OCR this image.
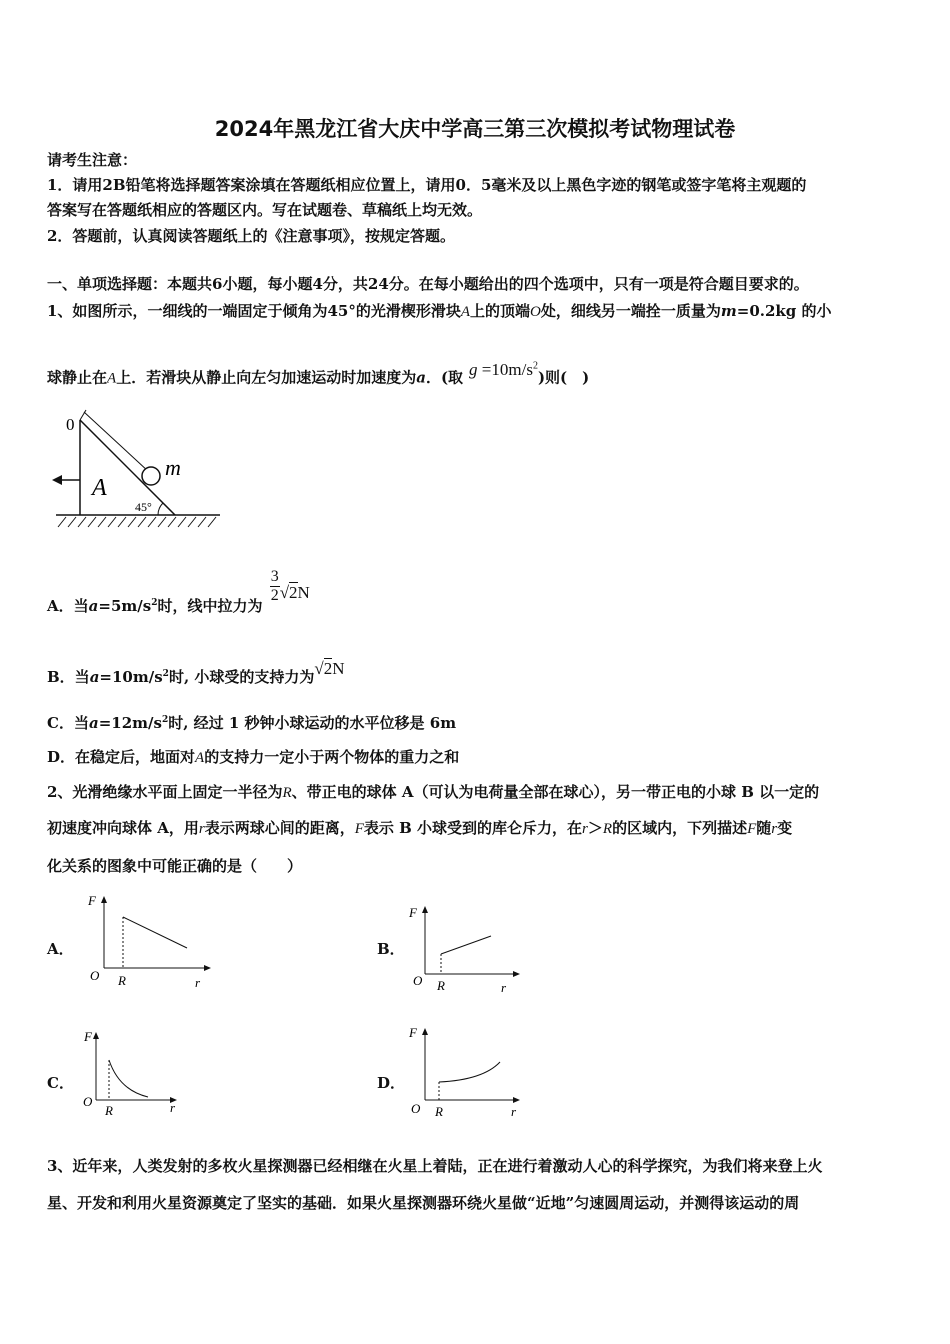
2024年黑龙江省大庆中学高三第三次模拟考试物理试卷
请考生注意：
1．请用2B铅笔将选择题答案涂填在答题纸相应位置上，请用0．5毫米及以上黑色字迹的钢笔或签字笔将主观题的
答案写在答题纸相应的答题区内。写在试题卷、草稿纸上均无效。
2．答题前，认真阅读答题纸上的《注意事项》，按规定答题。
一、单项选择题：本题共6小题，每小题4分，共24分。在每小题给出的四个选项中，只有一项是符合题目要求的。
1、如图所示，一细线的一端固定于倾角为45°的光滑楔形滑块A上的顶端O处，细线另一端拴一质量为m=0.2kg 的小
球静止在A上．若滑块从静止向左匀加速运动时加速度为a．(取 $g =10m/s^2$)则(　)
0
A
m
45°
A．当$a=5m/s^2$时，线中拉力为
$\frac{3}{2} √2N$
B．当$a=10m/s^2$时, 小球受的支持力为√2N
C．当$a=12m/s^2$时, 经过 1 秒钟小球运动的水平位移是 6m
D．在稳定后，地面对A的支持力一定小于两个物体的重力之和
2、光滑绝缘水平面上固定一半径为R、带正电的球体 A（可认为电荷量全部在球心），另一带正电的小球 B 以一定的
初速度冲向球体 A，用r表示两球心间的距离，F表示 B 小球受到的库仑斥力，在r＞R的区域内，下列描述F随r变
化关系的图象中可能正确的是（　　）
A．	B．
C．	D．
F
O R	r
F
O R	r
F
O
R	r
F
O R	r
3、近年来，人类发射的多枚火星探测器已经相继在火星上着陆，正在进行着激动人心的科学探究，为我们将来登上火
星、开发和利用火星资源奠定了坚实的基础．如果火星探测器环绕火星做“近地”匀速圆周运动，并测得该运动的周
